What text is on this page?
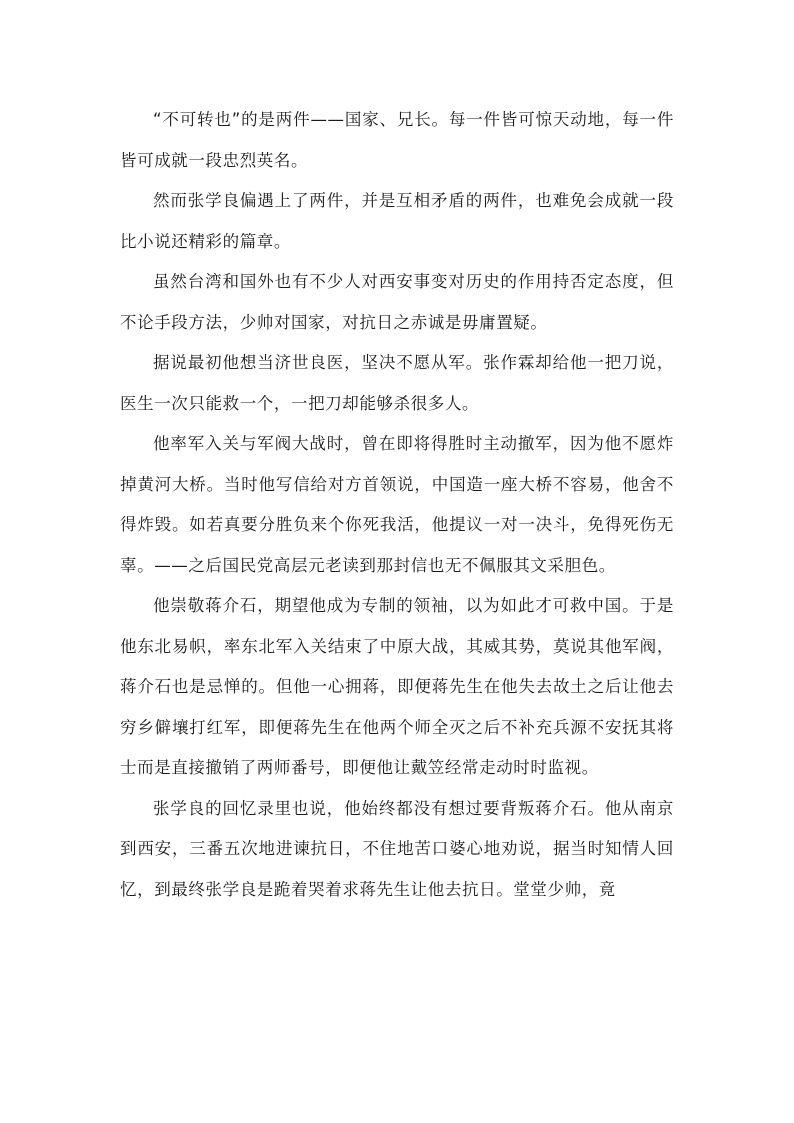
“不可转也”的是两件——国家、兄长。每一件皆可惊天动地，每一件皆可成就一段忠烈英名。

然而张学良偏遇上了两件，并是互相矛盾的两件，也难免会成就一段比小说还精彩的篇章。

虽然台湾和国外也有不少人对西安事变对历史的作用持否定态度，但不论手段方法，少帅对国家，对抗日之赤诚是毋庸置疑。

据说最初他想当济世良医，坚决不愿从军。张作霖却给他一把刀说，医生一次只能救一个，一把刀却能够杀很多人。

他率军入关与军阀大战时，曾在即将得胜时主动撤军，因为他不愿炸掉黄河大桥。当时他写信给对方首领说，中国造一座大桥不容易，他舍不得炸毁。如若真要分胜负来个你死我活，他提议一对一决斗，免得死伤无辜。——之后国民党高层元老读到那封信也无不佩服其文采胆色。

他崇敬蒋介石，期望他成为专制的领袖，以为如此才可救中国。于是他东北易帜，率东北军入关结束了中原大战，其威其势，莫说其他军阀，蒋介石也是忌惮的。但他一心拥蒋，即便蒋先生在他失去故土之后让他去穷乡僻壤打红军，即便蒋先生在他两个师全灭之后不补充兵源不安抚其将士而是直接撤销了两师番号，即便他让戴笠经常走动时时监视。

张学良的回忆录里也说，他始终都没有想过要背叛蒋介石。他从南京到西安，三番五次地进谏抗日，不住地苦口婆心地劝说，据当时知情人回忆，到最终张学良是跪着哭着求蒋先生让他去抗日。堂堂少帅，竟
